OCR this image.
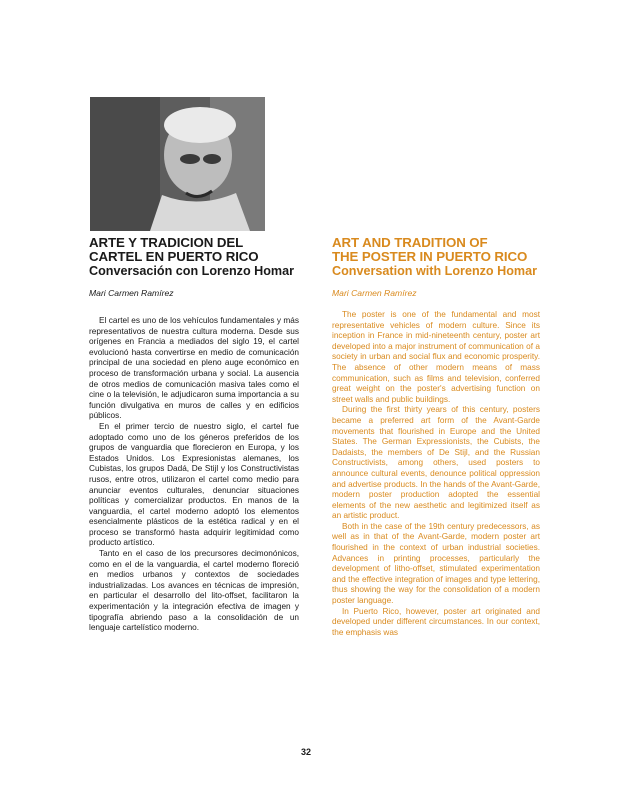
ARTE Y TRADICION DEL

CARTEL EN PUERTO RICO

Conversación con Lorenzo Homar

Mari Carmen Ramírez

El cartel es uno de los vehículos fundamentales y más representativos de nuestra cultura moderna. Desde sus orígenes en Francia a mediados del siglo 19, el cartel evolucionó hasta convertirse en medio de comunicación principal de una sociedad en pleno auge económico en proceso de transformación urbana y social. La ausencia de otros medios de comunicación masiva tales como el cine o la televisión, le adjudicaron suma importancia a su función divulgativa en muros de calles y en edificios públicos.

En el primer tercio de nuestro siglo, el cartel fue adoptado como uno de los géneros preferidos de los grupos de vanguardia que florecieron en Europa, y los Estados Unidos. Los Expresionistas alemanes, los Cubistas, los grupos Dadá, De Stijl y los Constructivistas rusos, entre otros, utilizaron el cartel como medio para anunciar eventos culturales, denunciar situaciones políticas y comercializar productos. En manos de la vanguardia, el cartel moderno adoptó los elementos esencialmente plásticos de la estética radical y en el proceso se transformó hasta adquirir legitimidad como producto artístico.

Tanto en el caso de los precursores decimonónicos, como en el de la vanguardia, el cartel moderno floreció en medios urbanos y contextos de sociedades industrializadas. Los avances en técnicas de impresión, en particular el desarrollo del lito-offset, facilitaron la experimentación y la integración efectiva de imagen y tipografía abriendo paso a la consolidación de un lenguaje cartelístico moderno.

ART AND TRADITION OF

THE POSTER IN PUERTO RICO

Conversation with Lorenzo Homar

Mari Carmen Ramírez

The poster is one of the fundamental and most representative vehicles of modern culture. Since its inception in France in mid-nineteenth century, poster art developed into a major instrument of communication of a society in urban and social flux and economic prosperity. The absence of other modern means of mass communication, such as films and television, conferred great weight on the poster's advertising function on street walls and public buildings.

During the first thirty years of this century, posters became a preferred art form of the Avant-Garde movements that flourished in Europe and the United States. The German Expressionists, the Cubists, the Dadaists, the members of De Stijl, and the Russian Constructivists, among others, used posters to announce cultural events, denounce political oppression and advertise products. In the hands of the Avant-Garde, modern poster production adopted the essential elements of the new aesthetic and legitimized itself as an artistic product.

Both in the case of the 19th century predecessors, as well as in that of the Avant-Garde, modern poster art flourished in the context of urban industrial societies. Advances in printing processes, particularly the development of litho-offset, stimulated experimentation and the effective integration of images and type lettering, thus showing the way for the consolidation of a modern poster language.

In Puerto Rico, however, poster art originated and developed under different circumstances. In our context, the emphasis was

32
